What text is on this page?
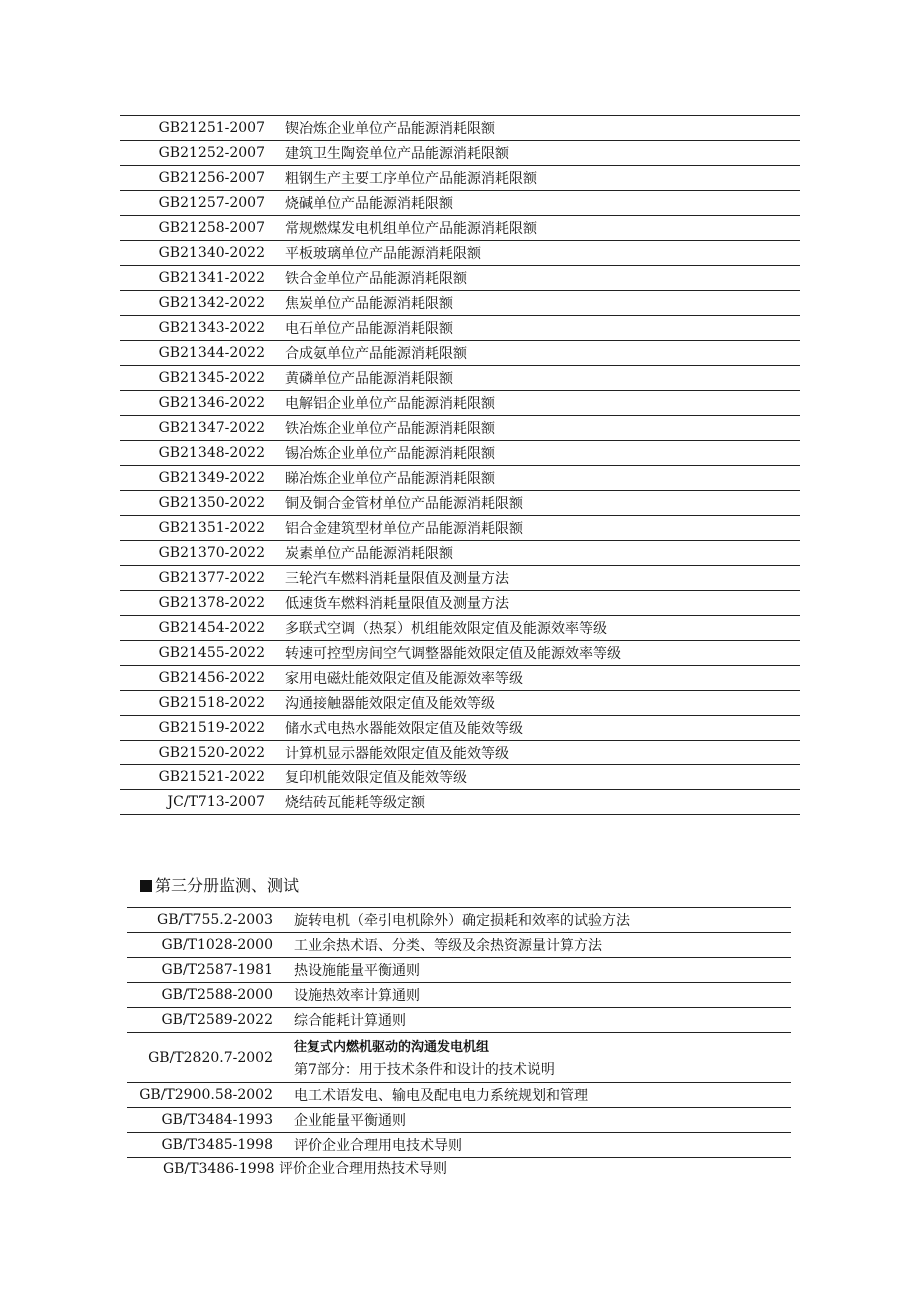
GB21251-2007 锲冶炼企业单位产品能源消耗限额
GB21252-2007 建筑卫生陶瓷单位产品能源消耗限额
GB21256-2007 粗钢生产主要工序单位产品能源消耗限额
GB21257-2007 烧碱单位产品能源消耗限额
GB21258-2007 常规燃煤发电机组单位产品能源消耗限额
GB21340-2022 平板玻璃单位产品能源消耗限额
GB21341-2022 铁合金单位产品能源消耗限额
GB21342-2022 焦炭单位产品能源消耗限额
GB21343-2022 电石单位产品能源消耗限额
GB21344-2022 合成氨单位产品能源消耗限额
GB21345-2022 黄磷单位产品能源消耗限额
GB21346-2022 电解铝企业单位产品能源消耗限额
GB21347-2022 铁冶炼企业单位产品能源消耗限额
GB21348-2022 锡冶炼企业单位产品能源消耗限额
GB21349-2022 睇冶炼企业单位产品能源消耗限额
GB21350-2022 铜及铜合金管材单位产品能源消耗限额
GB21351-2022 铝合金建筑型材单位产品能源消耗限额
GB21370-2022 炭素单位产品能源消耗限额
GB21377-2022 三轮汽车燃料消耗量限值及测量方法
GB21378-2022 低速货车燃料消耗量限值及测量方法
GB21454-2022 多联式空调（热泵）机组能效限定值及能源效率等级
GB21455-2022 转速可控型房间空气调整器能效限定值及能源效率等级
GB21456-2022 家用电磁灶能效限定值及能源效率等级
GB21518-2022 沟通接触器能效限定值及能效等级
GB21519-2022 储水式电热水器能效限定值及能效等级
GB21520-2022 计算机显示器能效限定值及能效等级
GB21521-2022 复印机能效限定值及能效等级
JC/T713-2007 烧结砖瓦能耗等级定额
第三分册监测、测试
GB/T755.2-2003 旋转电机（牵引电机除外）确定损耗和效率的试验方法
GB/T1028-2000 工业余热术语、分类、等级及余热资源量计算方法
GB/T2587-1981 热设施能量平衡通则
GB/T2588-2000 设施热效率计算通则
GB/T2589-2022 综合能耗计算通则
GB/T2820.7-2002
往复式内燃机驱动的沟通发电机组
第7部分：用于技术条件和设计的技术说明
GB/T2900.58-2002 电工术语发电、输电及配电电力系统规划和管理
GB/T3484-1993 企业能量平衡通则
GB/T3485-1998 评价企业合理用电技术导则
GB/T3486-1998 评价企业合理用热技术导则
